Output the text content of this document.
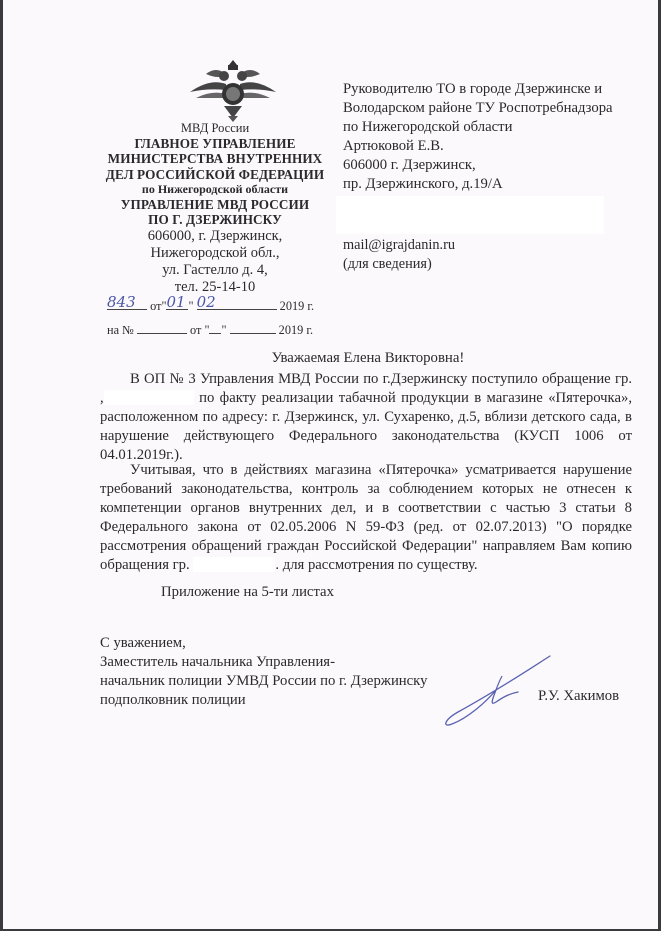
МВД России
ГЛАВНОЕ УПРАВЛЕНИЕ
МИНИСТЕРСТВА ВНУТРЕННИХ
ДЕЛ РОССИЙСКОЙ ФЕДЕРАЦИИ
по Нижегородской области
УПРАВЛЕНИЕ МВД РОССИИ
ПО Г. ДЗЕРЖИНСКУ
606000, г. Дзержинск,
Нижегородской обл.,
ул. Гастелло д. 4,
тел. 25-14-10
843 от" 01 " 02	2019 г.
на №	от " "	2019 г.
Руководителю ТО в городе Дзержинске и
Володарском районе ТУ Роспотребнадзора
по Нижегородской области
Артюковой Е.В.
606000 г. Дзержинск,
пр. Дзержинского, д.19/А
mail@igrajdanin.ru
(для сведения)
Уважаемая Елена Викторовна!

В ОП № 3 Управления МВД России по г.Дзержинску поступило обращение гр. ,	по факту реализации табачной продукции в магазине «Пятерочка», расположенном по адресу: г. Дзержинск, ул. Сухаренко, д.5, вблизи детского сада, в нарушение действующего Федерального законодательства (КУСП 1006 от 04.01.2019г.).

Учитывая, что в действиях магазина «Пятерочка» усматривается нарушение требований законодательства, контроль за соблюдением которых не отнесен к компетенции органов внутренних дел, и в соответствии с частью 3 статьи 8 Федерального закона от 02.05.2006 N 59-ФЗ (ред. от 02.07.2013) "О порядке рассмотрения обращений граждан Российской Федерации" направляем Вам копию обращения гр.	. для рассмотрения по существу.

Приложение на 5-ти листах
С уважением,
Заместитель начальника Управления-
начальник полиции УМВД России по г. Дзержинску
подполковник полиции	Р.У. Хакимов
